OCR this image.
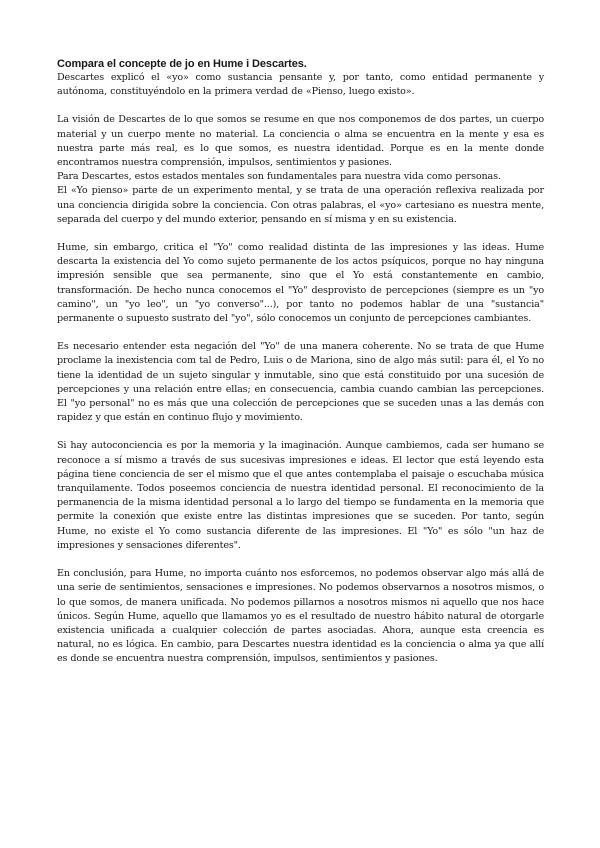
Compara el concepte de jo en Hume i Descartes.

Descartes explicó el «yo» como sustancia pensante y, por tanto, como entidad permanente y autónoma, constituyéndolo en la primera verdad de «Pienso, luego existo».

La visión de Descartes de lo que somos se resume en que nos componemos de dos partes, un cuerpo material y un cuerpo mente no material. La conciencia o alma se encuentra en la mente y esa es nuestra parte más real, es lo que somos, es nuestra identidad. Porque es en la mente donde encontramos nuestra comprensión, impulsos, sentimientos y pasiones.

Para Descartes, estos estados mentales son fundamentales para nuestra vida como personas.

El «Yo pienso» parte de un experimento mental, y se trata de una operación reflexiva realizada por una conciencia dirigida sobre la conciencia. Con otras palabras, el «yo» cartesiano es nuestra mente, separada del cuerpo y del mundo exterior, pensando en sí misma y en su existencia.

Hume, sin embargo, critica el "Yo" como realidad distinta de las impresiones y las ideas. Hume descarta la existencia del Yo como sujeto permanente de los actos psíquicos, porque no hay ninguna impresión sensible que sea permanente, sino que el Yo está constantemente en cambio, transformación. De hecho nunca conocemos el "Yo" desprovisto de percepciones (siempre es un "yo camino", un "yo leo", un "yo converso"...), por tanto no podemos hablar de una "sustancia" permanente o supuesto sustrato del "yo", sólo conocemos un conjunto de percepciones cambiantes.

Es necesario entender esta negación del "Yo" de una manera coherente. No se trata de que Hume proclame la inexistencia com tal de Pedro, Luis o de Mariona, sino de algo más sutil: para él, el Yo no tiene la identidad de un sujeto singular y inmutable, sino que está constituido por una sucesión de percepciones y una relación entre ellas; en consecuencia, cambia cuando cambian las percepciones. El "yo personal" no es más que una colección de percepciones que se suceden unas a las demás con rapidez y que están en continuo flujo y movimiento.

Si hay autoconciencia es por la memoria y la imaginación. Aunque cambiemos, cada ser humano se reconoce a sí mismo a través de sus sucesivas impresiones e ideas. El lector que está leyendo esta página tiene conciencia de ser el mismo que el que antes contemplaba el paisaje o escuchaba música tranquilamente. Todos poseemos conciencia de nuestra identidad personal. El reconocimiento de la permanencia de la misma identidad personal a lo largo del tiempo se fundamenta en la memoria que permite la conexión que existe entre las distintas impresiones que se suceden. Por tanto, según Hume, no existe el Yo como sustancia diferente de las impresiones. El "Yo" es sólo "un haz de impresiones y sensaciones diferentes".

En conclusión, para Hume, no importa cuánto nos esforcemos, no podemos observar algo más allá de una serie de sentimientos, sensaciones e impresiones. No podemos observarnos a nosotros mismos, o lo que somos, de manera unificada. No podemos pillarnos a nosotros mismos ni aquello que nos hace únicos. Según Hume, aquello que llamamos yo es el resultado de nuestro hábito natural de otorgarle existencia unificada a cualquier colección de partes asociadas. Ahora, aunque esta creencia es natural, no es lógica. En cambio, para Descartes nuestra identidad es la conciencia o alma ya que allí es donde se encuentra nuestra comprensión, impulsos, sentimientos y pasiones.
